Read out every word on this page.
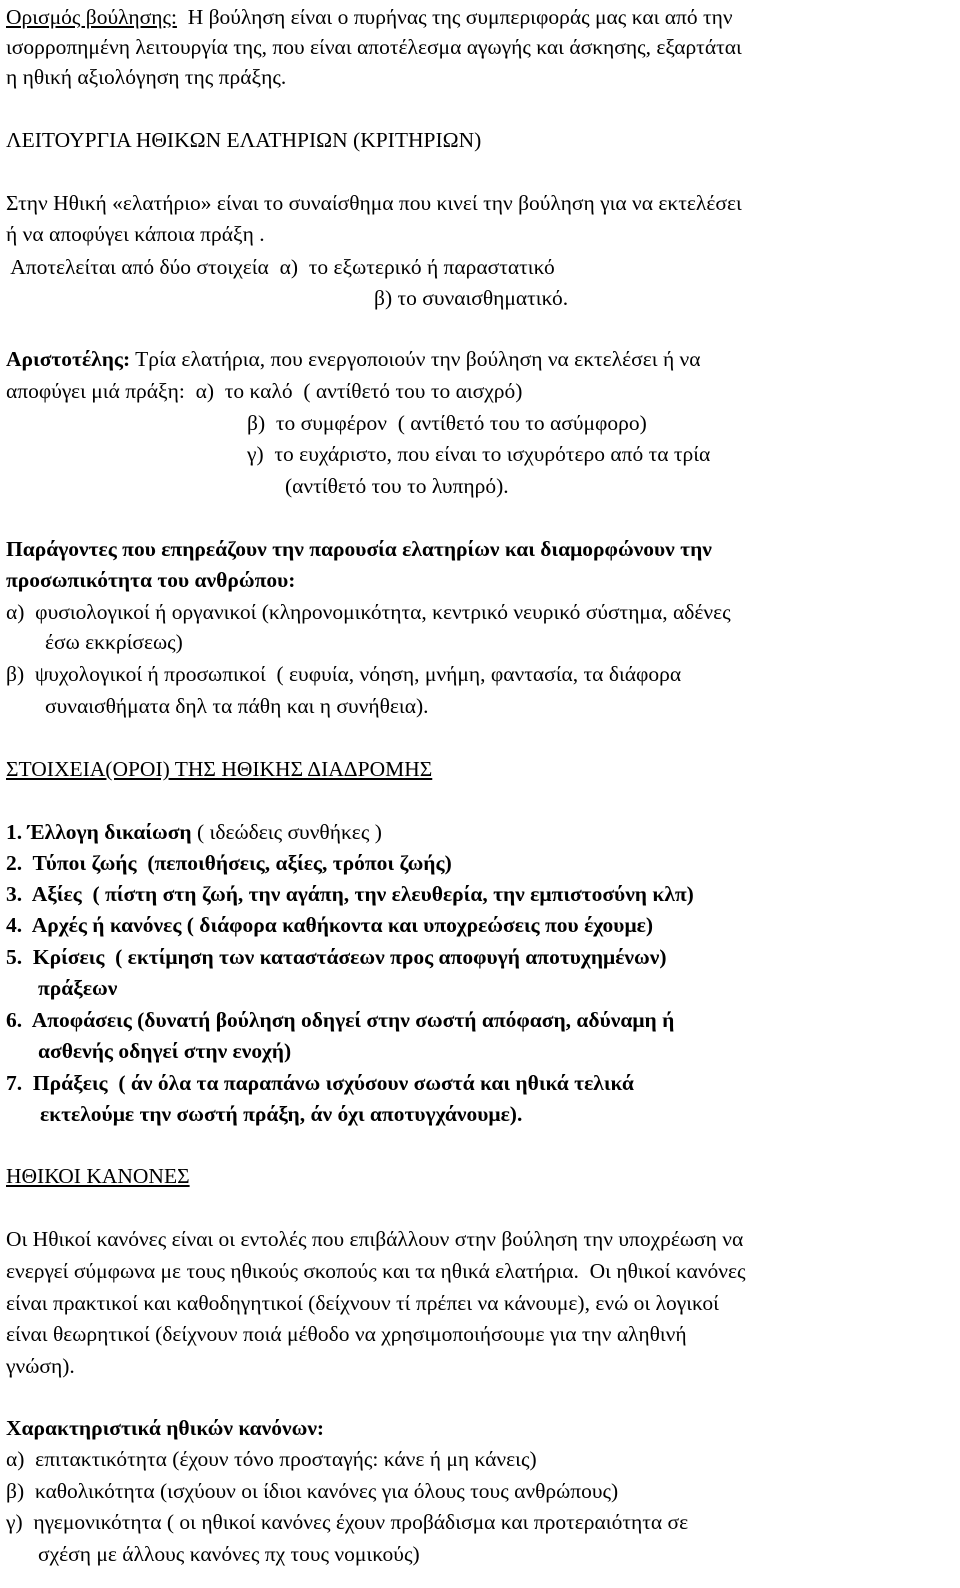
Ορισμός βούλησης:  Η βούληση είναι ο πυρήνας της συμπεριφοράς μας και από την
ισορροπημένη λειτουργία της, που είναι αποτέλεσμα αγωγής και άσκησης, εξαρτάται
η ηθική αξιολόγηση της πράξης.
ΛΕΙΤΟΥΡΓΙΑ ΗΘΙΚΩΝ ΕΛΑΤΗΡΙΩΝ (ΚΡΙΤΗΡΙΩΝ)
Στην Ηθική «ελατήριο» είναι το συναίσθημα που κινεί την βούληση για να εκτελέσει
ή να αποφύγει κάποια πράξη .
Αποτελείται από δύο στοιχεία  α)  το εξωτερικό ή παραστατικό
β) το συναισθηματικό.
Αριστοτέλης: Τρία ελατήρια, που ενεργοποιούν την βούληση να εκτελέσει ή να
αποφύγει μιά πράξη:  α)  το καλό  ( αντίθετό του το αισχρό)
β)  το συμφέρον  ( αντίθετό του το ασύμφορο)
γ)  το ευχάριστο, που είναι το ισχυρότερο από τα τρία
(αντίθετό του το λυπηρό).
Παράγοντες που επηρεάζουν την παρουσία ελατηρίων και διαμορφώνουν την
προσωπικότητα του ανθρώπου:
α)  φυσιολογικοί ή οργανικοί (κληρονομικότητα, κεντρικό νευρικό σύστημα, αδένες
έσω εκκρίσεως)
β)  ψυχολογικοί ή προσωπικοί  ( ευφυία, νόηση, μνήμη, φαντασία, τα διάφορα
συναισθήματα δηλ τα πάθη και η συνήθεια).
ΣΤΟΙΧΕΙΑ(ΟΡΟΙ) ΤΗΣ ΗΘΙΚΗΣ ΔΙΑΔΡΟΜΗΣ
1. Έλλογη δικαίωση ( ιδεώδεις συνθήκες )
2.  Τύποι ζωής  (πεποιθήσεις, αξίες, τρόποι ζωής)
3.  Αξίες  ( πίστη στη ζωή, την αγάπη, την ελευθερία, την εμπιστοσύνη κλπ)
4.  Αρχές ή κανόνες ( διάφορα καθήκοντα και υποχρεώσεις που έχουμε)
5.  Κρίσεις  ( εκτίμηση των καταστάσεων προς αποφυγή αποτυχημένων)
πράξεων
6.  Αποφάσεις (δυνατή βούληση οδηγεί στην σωστή απόφαση, αδύναμη ή
ασθενής οδηγεί στην ενοχή)
7.  Πράξεις  ( άν όλα τα παραπάνω ισχύσουν σωστά και ηθικά τελικά
εκτελούμε την σωστή πράξη, άν όχι αποτυγχάνουμε).
ΗΘΙΚΟΙ ΚΑΝΟΝΕΣ
Οι Ηθικοί κανόνες είναι οι εντολές που επιβάλλουν στην βούληση την υποχρέωση να
ενεργεί σύμφωνα με τους ηθικούς σκοπούς και τα ηθικά ελατήρια.  Οι ηθικοί κανόνες
είναι πρακτικοί και καθοδηγητικοί (δείχνουν τί πρέπει να κάνουμε), ενώ οι λογικοί
είναι θεωρητικοί (δείχνουν ποιά μέθοδο να χρησιμοποιήσουμε για την αληθινή
γνώση).
Χαρακτηριστικά ηθικών κανόνων:
α)  επιτακτικότητα (έχουν τόνο προσταγής: κάνε ή μη κάνεις)
β)  καθολικότητα (ισχύουν οι ίδιοι κανόνες για όλους τους ανθρώπους)
γ)  ηγεμονικότητα ( οι ηθικοί κανόνες έχουν προβάδισμα και προτεραιότητα σε
σχέση με άλλους κανόνες πχ τους νομικούς)
